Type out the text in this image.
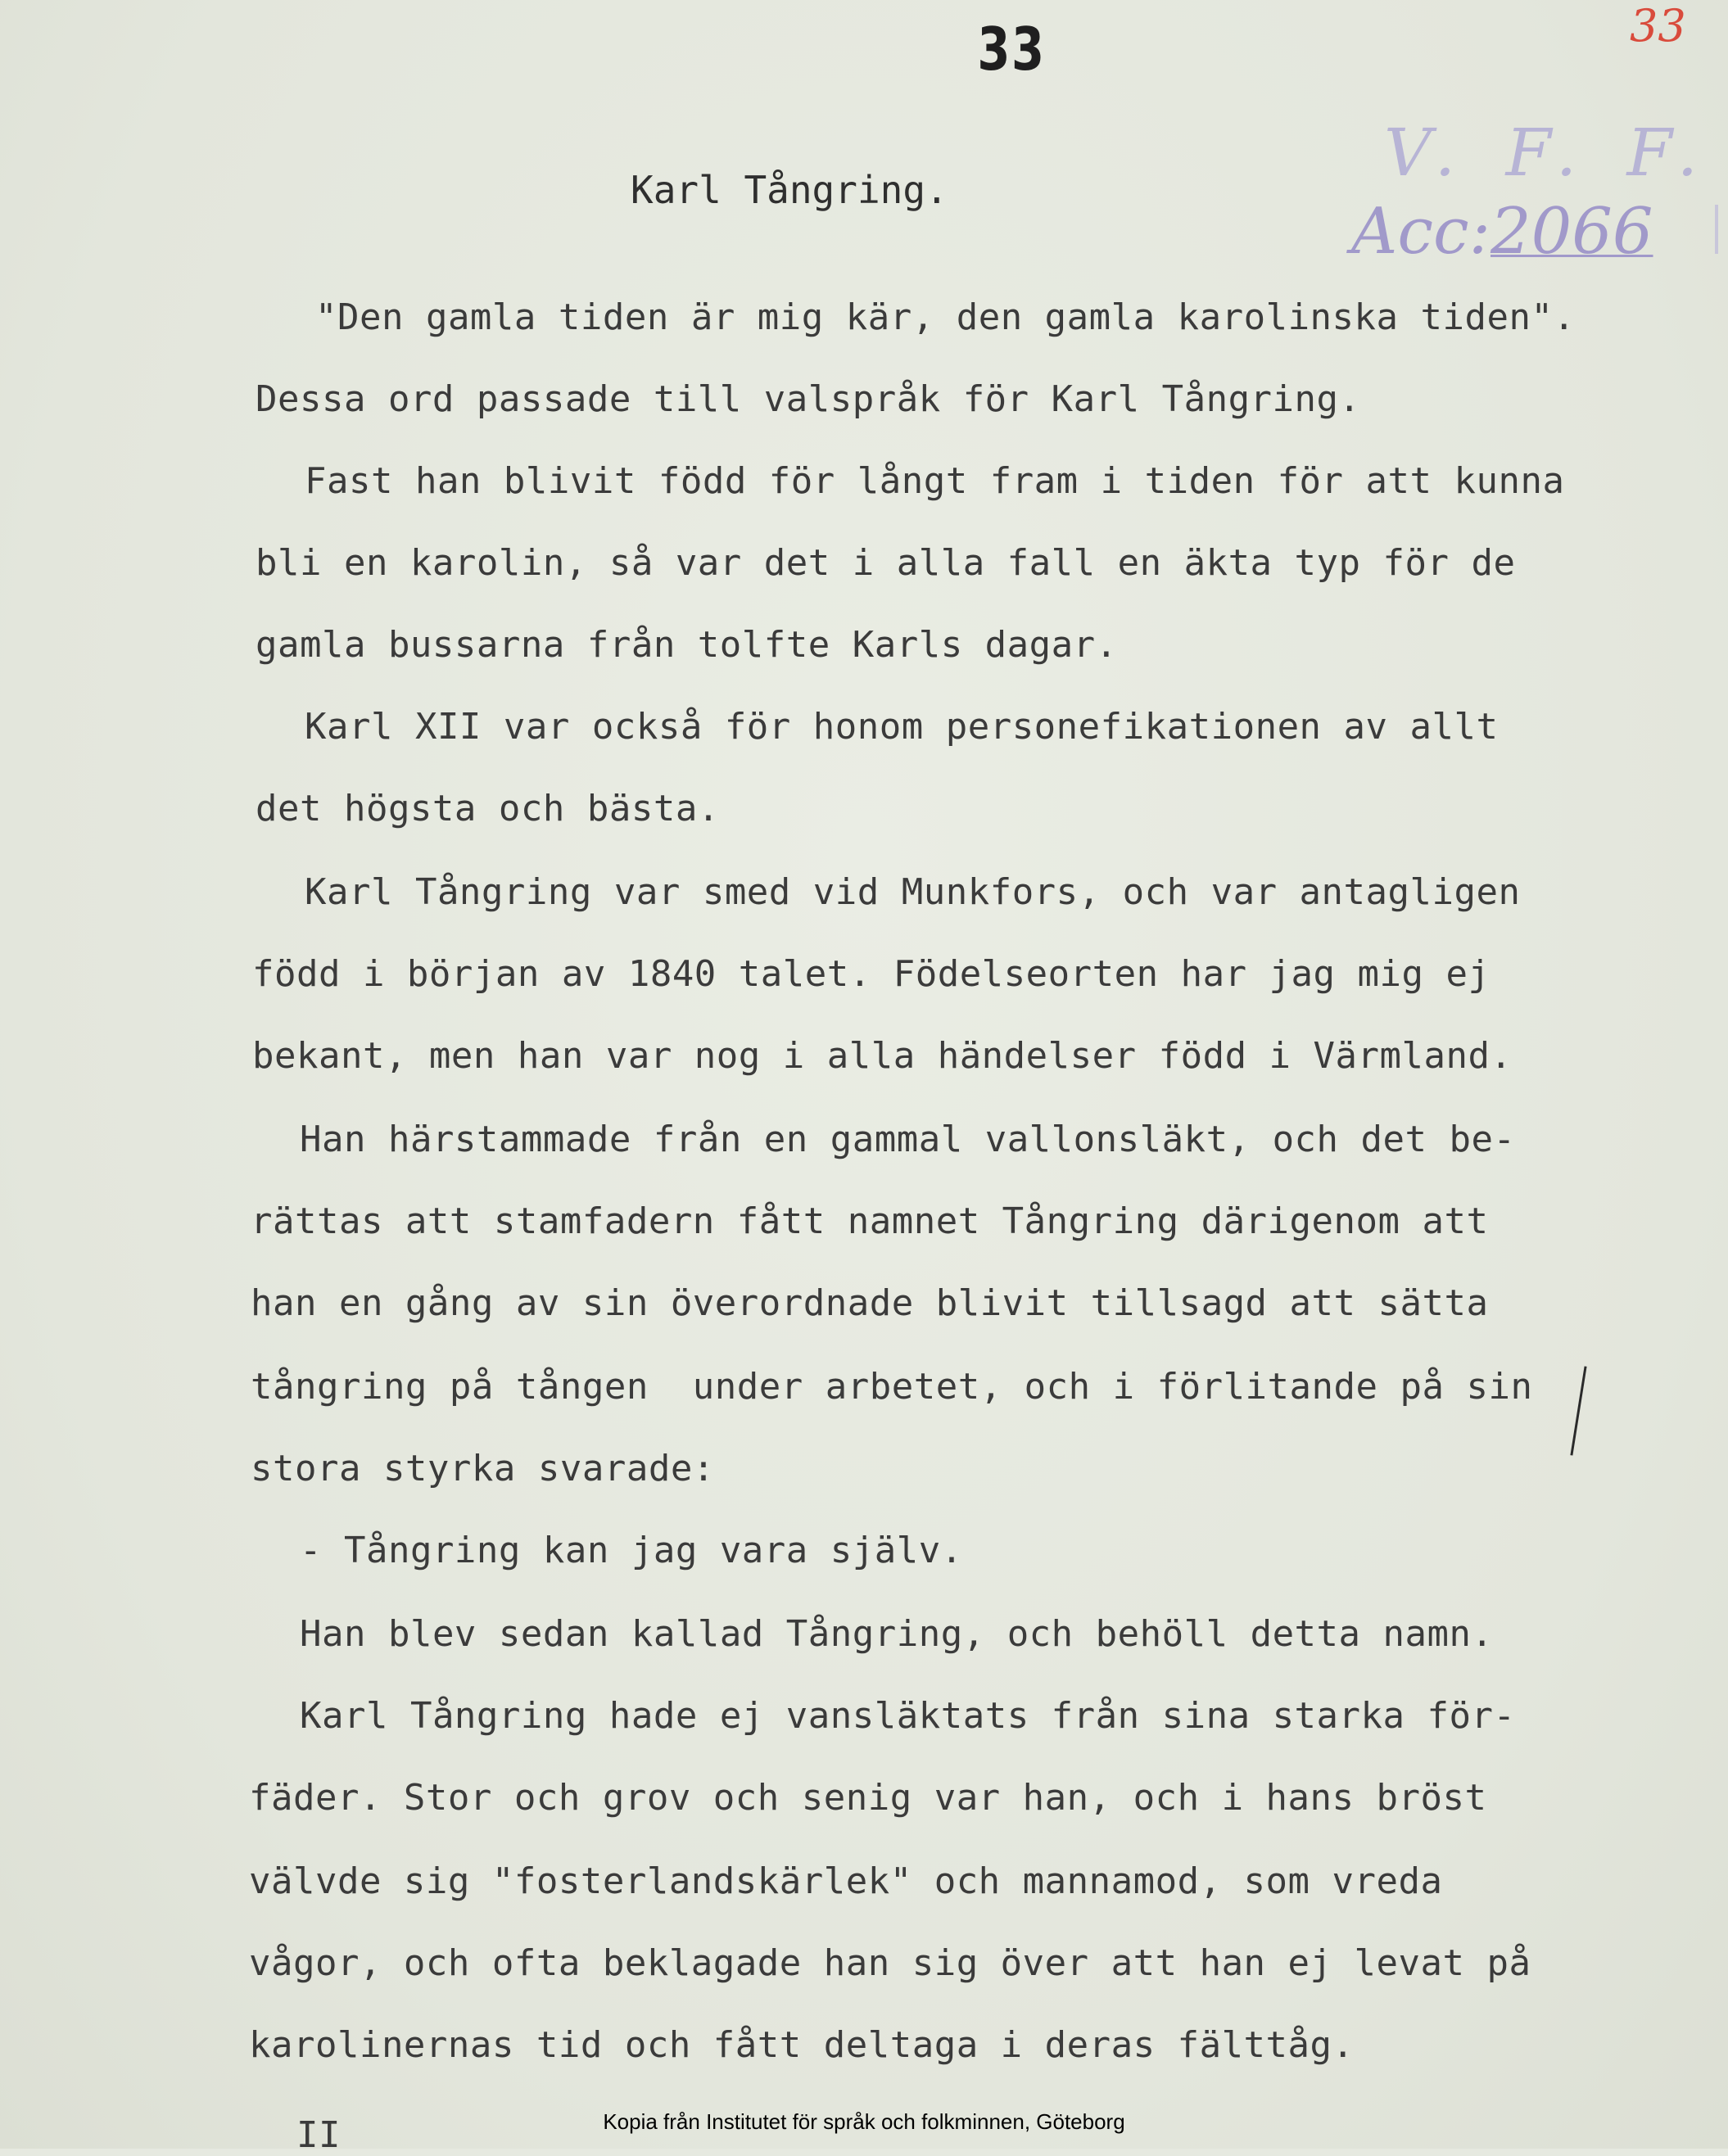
33	33
V. F. F.
Acc:2066
Karl Tångring.
"Den gamla tiden är mig kär, den gamla karolinska tiden".
Dessa ord passade till valspråk för Karl Tångring.
Fast han blivit född för långt fram i tiden för att kunna
bli en karolin, så var det i alla fall en äkta typ för de
gamla bussarna från tolfte Karls dagar.
Karl XII var också för honom personefikationen av allt
det högsta och bästa.
Karl Tångring var smed vid Munkfors, och var antagligen
född i början av 1840 talet. Födelseorten har jag mig ej
bekant, men han var nog i alla händelser född i Värmland.
Han härstammade från en gammal vallonsläkt, och det be-
rättas att stamfadern fått namnet Tångring därigenom att
han en gång av sin överordnade blivit tillsagd att sätta
tångring på tången  under arbetet, och i förlitande på sin
stora styrka svarade:
- Tångring kan jag vara själv.
Han blev sedan kallad Tångring, och behöll detta namn.
Karl Tångring hade ej vansläktats från sina starka för-
fäder. Stor och grov och senig var han, och i hans bröst
välvde sig "fosterlandskärlek" och mannamod, som vreda
vågor, och ofta beklagade han sig över att han ej levat på
karolinernas tid och fått deltaga i deras fälttåg.
II	Kopia från Institutet för språk och folkminnen, Göteborg
